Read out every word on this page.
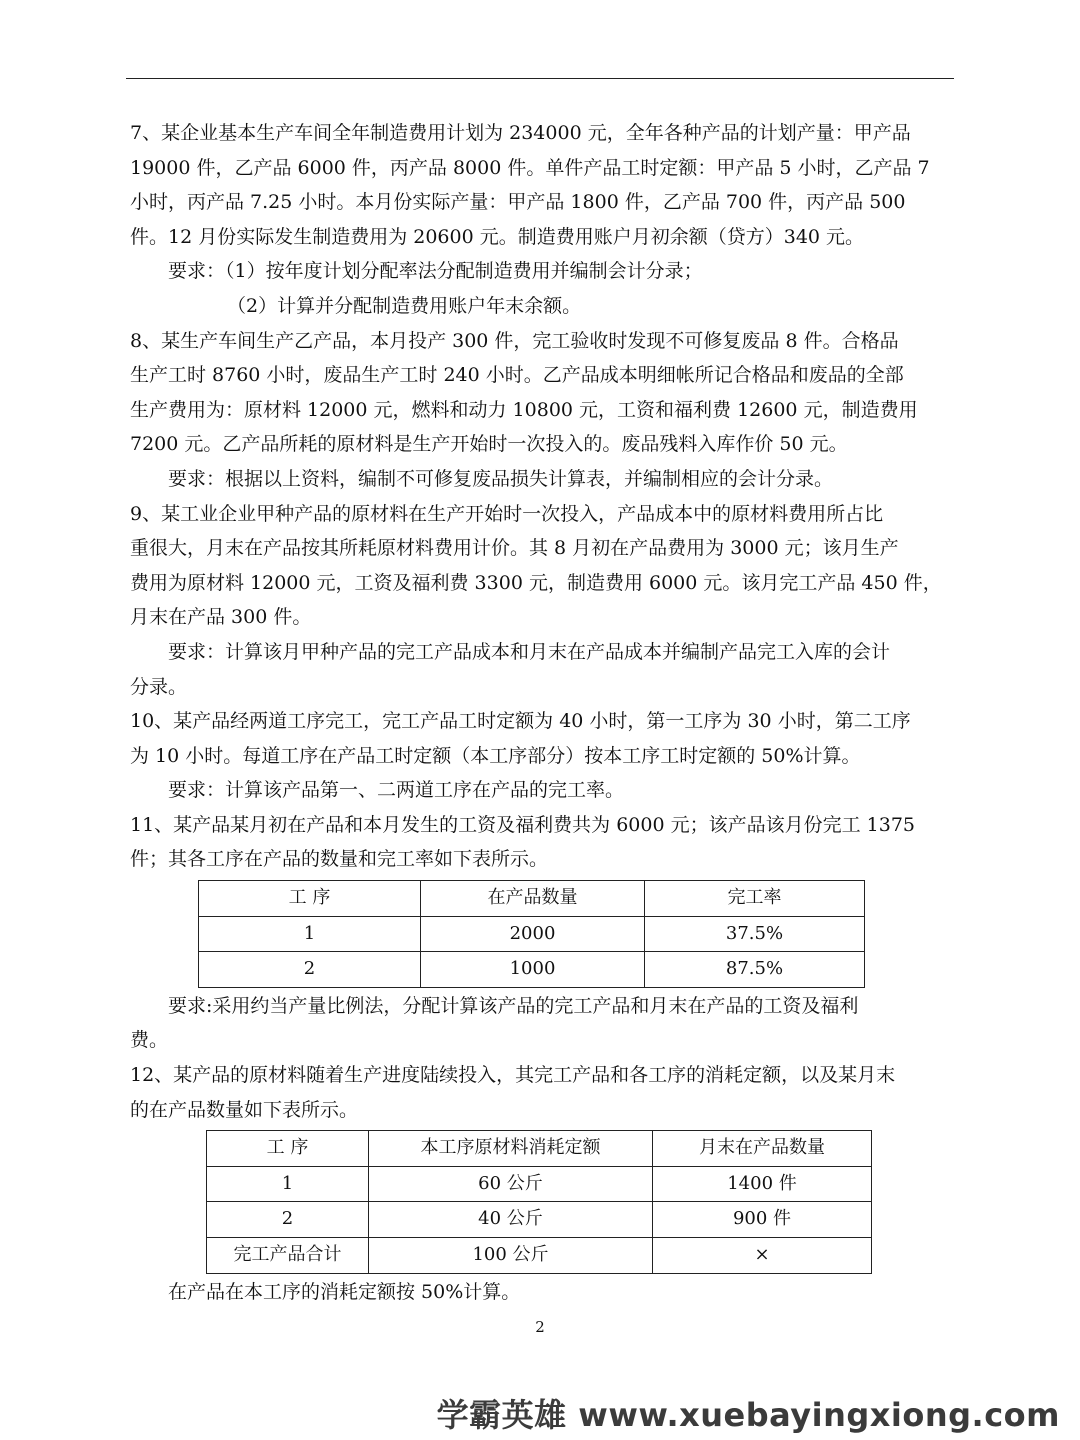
7、某企业基本生产车间全年制造费用计划为 234000 元，全年各种产品的计划产量：甲产品

19000 件，乙产品 6000 件，丙产品 8000 件。单件产品工时定额：甲产品 5 小时，乙产品 7

小时，丙产品 7.25 小时。本月份实际产量：甲产品 1800 件，乙产品 700 件，丙产品 500

件。12 月份实际发生制造费用为 20600 元。制造费用账户月初余额（贷方）340 元。

要求：（1）按年度计划分配率法分配制造费用并编制会计分录；

（2）计算并分配制造费用账户年末余额。

8、某生产车间生产乙产品，本月投产 300 件，完工验收时发现不可修复废品 8 件。合格品

生产工时 8760 小时，废品生产工时 240 小时。乙产品成本明细帐所记合格品和废品的全部

生产费用为：原材料 12000 元，燃料和动力 10800 元，工资和福利费 12600 元，制造费用

7200 元。乙产品所耗的原材料是生产开始时一次投入的。废品残料入库作价 50 元。

要求：根据以上资料，编制不可修复废品损失计算表，并编制相应的会计分录。

9、某工业企业甲种产品的原材料在生产开始时一次投入，产品成本中的原材料费用所占比

重很大，月末在产品按其所耗原材料费用计价。其 8 月初在产品费用为 3000 元；该月生产

费用为原材料 12000 元，工资及福利费 3300 元，制造费用 6000 元。该月完工产品 450 件，

月末在产品 300 件。

要求：计算该月甲种产品的完工产品成本和月末在产品成本并编制产品完工入库的会计

分录。

10、某产品经两道工序完工，完工产品工时定额为 40 小时，第一工序为 30 小时，第二工序

为 10 小时。每道工序在产品工时定额（本工序部分）按本工序工时定额的 50%计算。

要求：计算该产品第一、二两道工序在产品的完工率。

11、某产品某月初在产品和本月发生的工资及福利费共为 6000 元；该产品该月份完工 1375

件；其各工序在产品的数量和完工率如下表所示。

工 序	在产品数量	完工率
1	2000	37.5%
2	1000	87.5%

要求:采用约当产量比例法，分配计算该产品的完工产品和月末在产品的工资及福利

费。

12、某产品的原材料随着生产进度陆续投入，其完工产品和各工序的消耗定额，以及某月末

的在产品数量如下表所示。

工 序	本工序原材料消耗定额	月末在产品数量
1	60 公斤	1400 件
2	40 公斤	900 件
完工产品合计	100 公斤	×

在产品在本工序的消耗定额按 50%计算。

2
学霸英雄 www.xuebayingxiong.com
